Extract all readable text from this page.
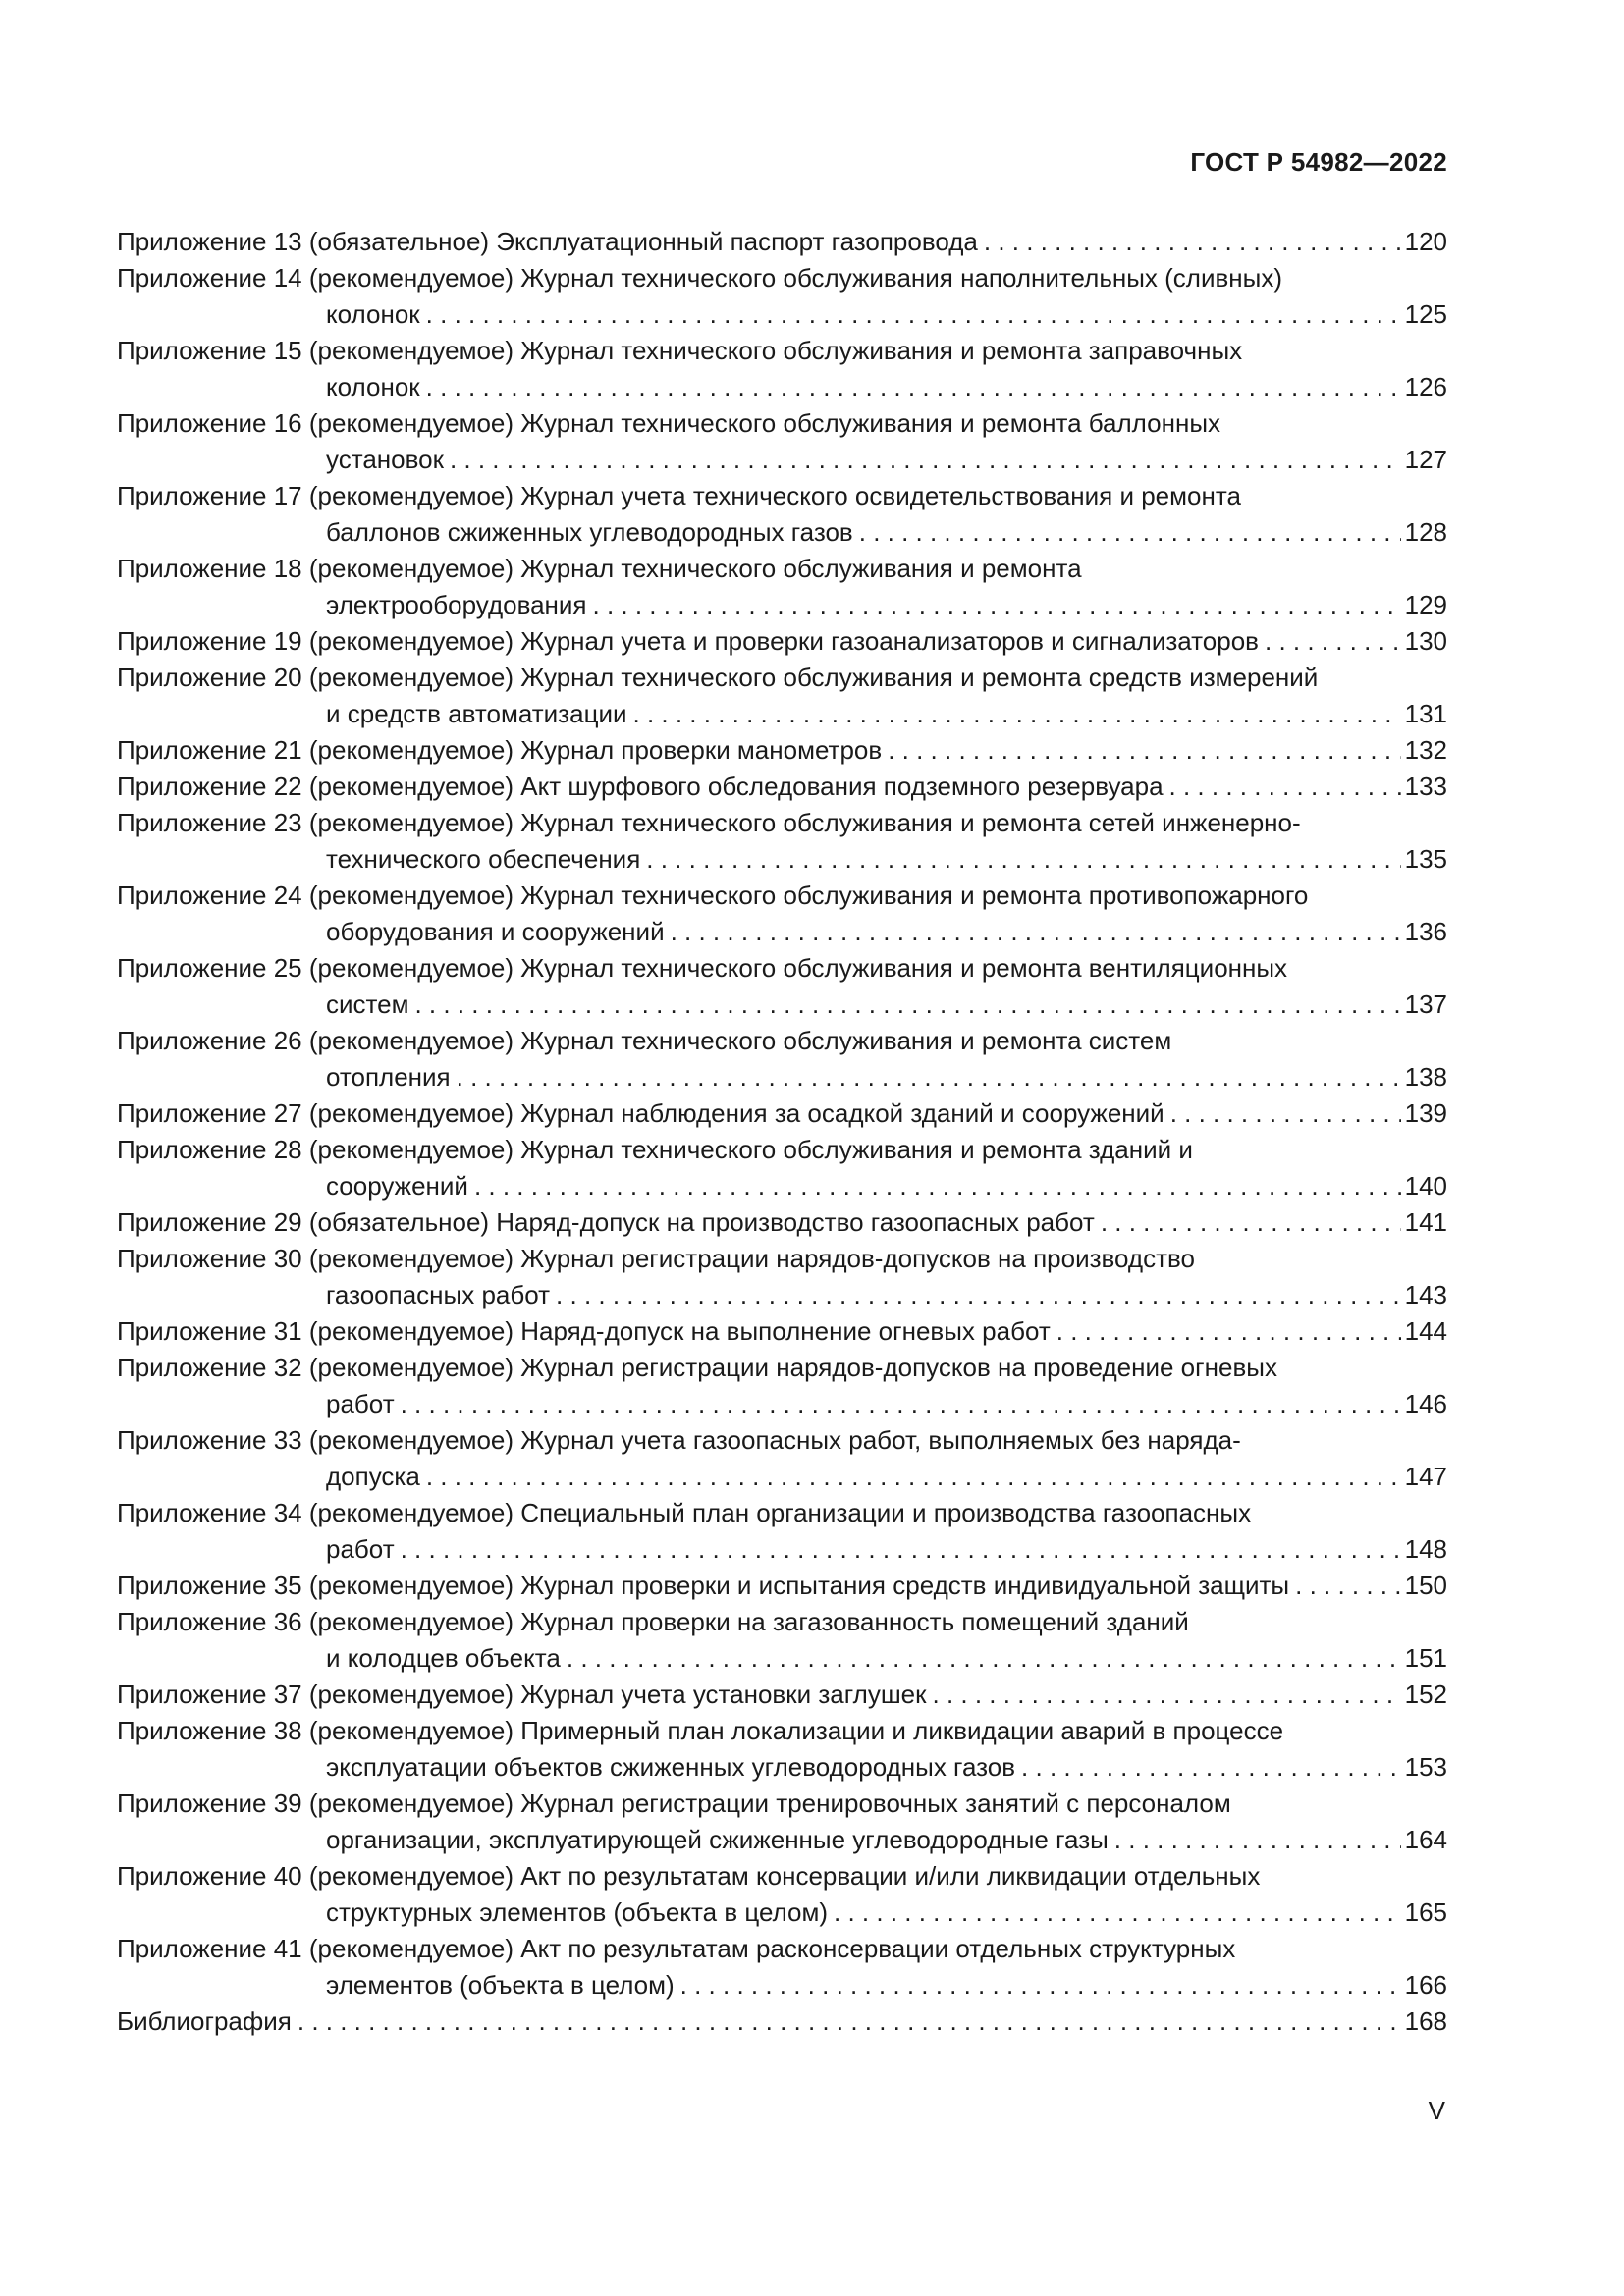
ГОСТ Р 54982—2022
Приложение 13 (обязательное) Эксплуатационный паспорт газопровода . . .	120
Приложение 14 (рекомендуемое) Журнал технического обслуживания наполнительных (сливных)
колонок . . .	125
Приложение 15 (рекомендуемое) Журнал технического обслуживания и ремонта заправочных
колонок . . .	126
Приложение 16 (рекомендуемое) Журнал технического обслуживания и ремонта баллонных
установок . . .	127
Приложение 17 (рекомендуемое) Журнал учета технического освидетельствования и ремонта
баллонов сжиженных углеводородных газов . . .	128
Приложение 18 (рекомендуемое) Журнал технического обслуживания и ремонта
электрооборудования . . .	129
Приложение 19 (рекомендуемое) Журнал учета и проверки газоанализаторов и сигнализаторов . . .	130
Приложение 20 (рекомендуемое) Журнал технического обслуживания и ремонта средств измерений
и средств автоматизации . . .	131
Приложение 21 (рекомендуемое) Журнал проверки манометров . . .	132
Приложение 22 (рекомендуемое) Акт шурфового обследования подземного резервуара . . .	133
Приложение 23 (рекомендуемое) Журнал технического обслуживания и ремонта сетей инженерно-
технического обеспечения . . .	135
Приложение 24 (рекомендуемое) Журнал технического обслуживания и ремонта противопожарного
оборудования и сооружений . . .	136
Приложение 25 (рекомендуемое) Журнал технического обслуживания и ремонта вентиляционных
систем . . .	137
Приложение 26 (рекомендуемое) Журнал технического обслуживания и ремонта систем
отопления . . .	138
Приложение 27 (рекомендуемое) Журнал наблюдения за осадкой зданий и сооружений . . .	139
Приложение 28 (рекомендуемое) Журнал технического обслуживания и ремонта зданий и
сооружений . . .	140
Приложение 29 (обязательное) Наряд-допуск на производство газоопасных работ . . .	141
Приложение 30 (рекомендуемое) Журнал регистрации нарядов-допусков на производство
газоопасных работ . . .	143
Приложение 31 (рекомендуемое) Наряд-допуск на выполнение огневых работ . . .	144
Приложение 32 (рекомендуемое) Журнал регистрации нарядов-допусков на проведение огневых
работ . . .	146
Приложение 33 (рекомендуемое) Журнал учета газоопасных работ, выполняемых без наряда-
допуска . . .	147
Приложение 34 (рекомендуемое) Специальный план организации и производства газоопасных
работ . . .	148
Приложение 35 (рекомендуемое) Журнал проверки и испытания средств индивидуальной защиты . . .	150
Приложение 36 (рекомендуемое) Журнал проверки на загазованность помещений зданий
и колодцев объекта . . .	151
Приложение 37 (рекомендуемое) Журнал учета установки заглушек . . .	152
Приложение 38 (рекомендуемое) Примерный план локализации и ликвидации аварий в процессе
эксплуатации объектов сжиженных углеводородных газов . . .	153
Приложение 39 (рекомендуемое) Журнал регистрации тренировочных занятий с персоналом
организации, эксплуатирующей сжиженные углеводородные газы . . .	164
Приложение 40 (рекомендуемое) Акт по результатам консервации и/или ликвидации отдельных
структурных элементов (объекта в целом) . . .	165
Приложение 41 (рекомендуемое) Акт по результатам расконсервации отдельных структурных
элементов (объекта в целом) . . .	166
Библиография . . .	168
V
